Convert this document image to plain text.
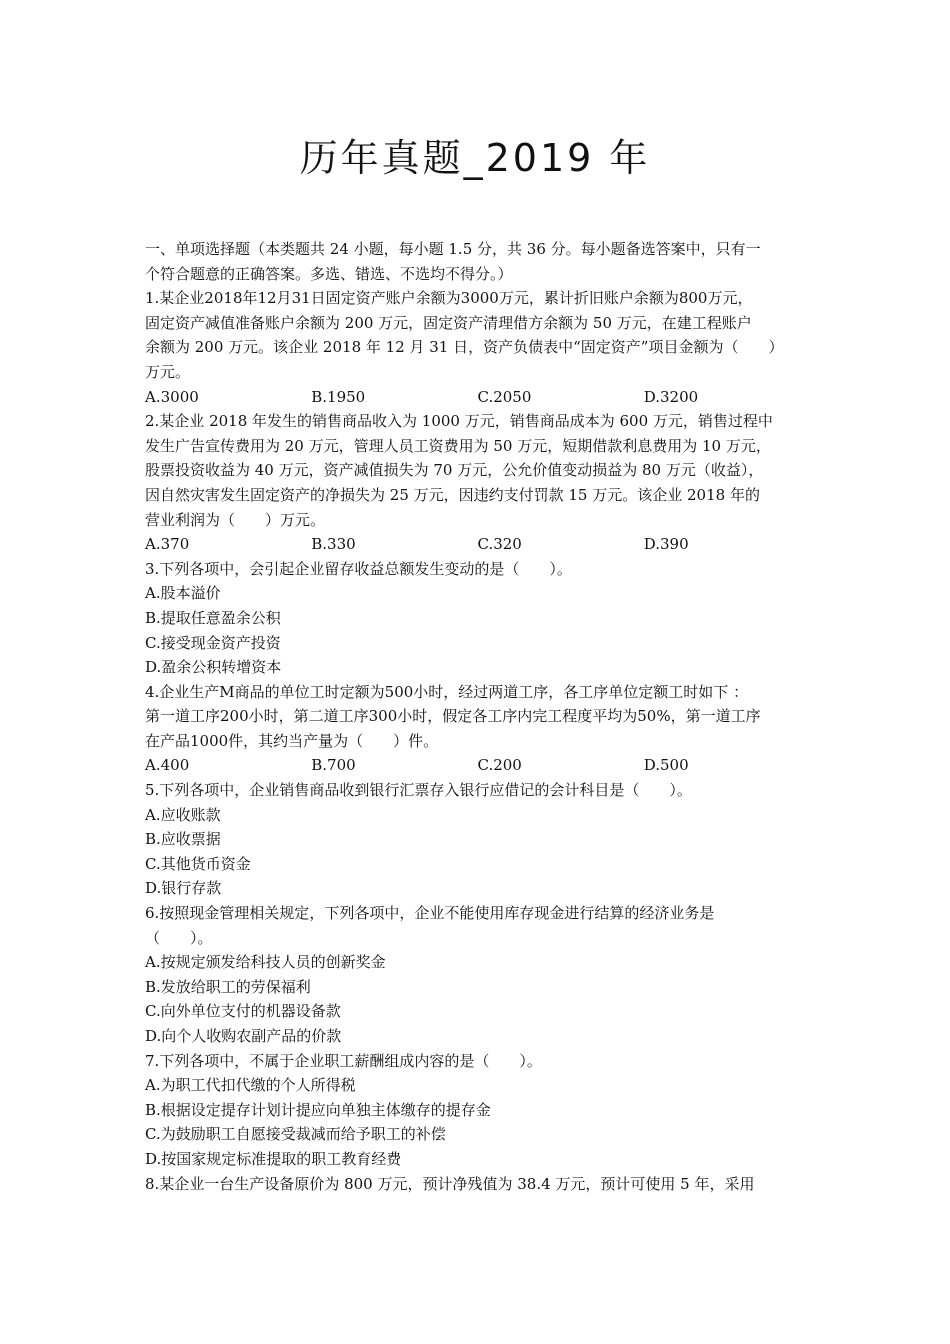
历年真题_2019 年
一、单项选择题（本类题共 24 小题，每小题 1.5 分，共 36 分。每小题备选答案中，只有一
个符合题意的正确答案。多选、错选、不选均不得分。）
1.某企业2018年12月31日固定资产账户余额为3000万元，累计折旧账户余额为800万元，
固定资产减值准备账户余额为 200 万元，固定资产清理借方余额为 50 万元，在建工程账户
余额为 200 万元。该企业 2018 年 12 月 31 日，资产负债表中“固定资产”项目金额为（　　）
万元。
A.3000	B.1950	C.2050	D.3200
2.某企业 2018 年发生的销售商品收入为 1000 万元，销售商品成本为 600 万元，销售过程中
发生广告宣传费用为 20 万元，管理人员工资费用为 50 万元，短期借款利息费用为 10 万元，
股票投资收益为 40 万元，资产减值损失为 70 万元，公允价值变动损益为 80 万元（收益），
因自然灾害发生固定资产的净损失为 25 万元，因违约支付罚款 15 万元。该企业 2018 年的
营业利润为（　　）万元。
A.370	B.330	C.320	D.390
3.下列各项中，会引起企业留存收益总额发生变动的是（　　）。
A.股本溢价
B.提取任意盈余公积
C.接受现金资产投资
D.盈余公积转增资本
4.企业生产M商品的单位工时定额为500小时，经过两道工序，各工序单位定额工时如下 ：
第一道工序200小时，第二道工序300小时，假定各工序内完工程度平均为50%，第一道工序
在产品1000件，其约当产量为（　　）件。
A.400	B.700	C.200	D.500
5.下列各项中，企业销售商品收到银行汇票存入银行应借记的会计科目是（　　）。
A.应收账款
B.应收票据
C.其他货币资金
D.银行存款
6.按照现金管理相关规定，下列各项中，企业不能使用库存现金进行结算的经济业务是
（　　）。
A.按规定颁发给科技人员的创新奖金
B.发放给职工的劳保福利
C.向外单位支付的机器设备款
D.向个人收购农副产品的价款
7.下列各项中，不属于企业职工薪酬组成内容的是（　　）。
A.为职工代扣代缴的个人所得税
B.根据设定提存计划计提应向单独主体缴存的提存金
C.为鼓励职工自愿接受裁减而给予职工的补偿
D.按国家规定标准提取的职工教育经费
8.某企业一台生产设备原价为 800 万元，预计净残值为 38.4 万元，预计可使用 5 年，采用
